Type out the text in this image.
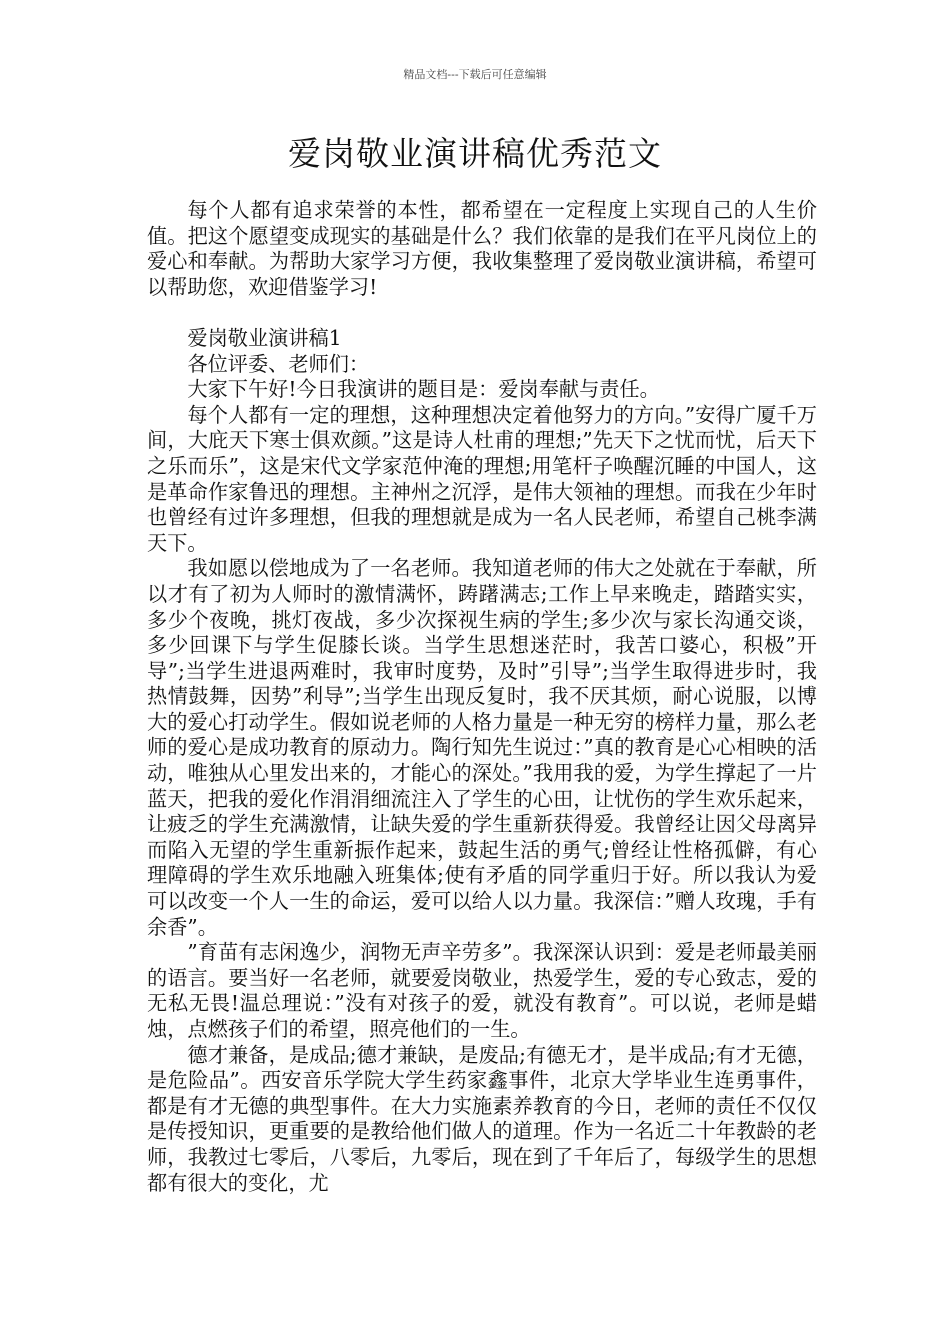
精品文档---下载后可任意编辑
爱岗敬业演讲稿优秀范文

每个人都有追求荣誉的本性，都希望在一定程度上实现自己的人生价值。把这个愿望变成现实的基础是什么？我们依靠的是我们在平凡岗位上的爱心和奉献。为帮助大家学习方便，我收集整理了爱岗敬业演讲稿，希望可以帮助您，欢迎借鉴学习!

爱岗敬业演讲稿1

各位评委、老师们：

大家下午好!今日我演讲的题目是：爱岗奉献与责任。

每个人都有一定的理想，这种理想决定着他努力的方向。”安得广厦千万间，大庇天下寒士俱欢颜。”这是诗人杜甫的理想;”先天下之忧而忧，后天下之乐而乐”，这是宋代文学家范仲淹的理想;用笔杆子唤醒沉睡的中国人，这是革命作家鲁迅的理想。主神州之沉浮，是伟大领袖的理想。而我在少年时也曾经有过许多理想，但我的理想就是成为一名人民老师，希望自己桃李满天下。

我如愿以偿地成为了一名老师。我知道老师的伟大之处就在于奉献，所以才有了初为人师时的激情满怀，踌躇满志;工作上早来晚走，踏踏实实，多少个夜晚，挑灯夜战，多少次探视生病的学生;多少次与家长沟通交谈，多少回课下与学生促膝长谈。当学生思想迷茫时，我苦口婆心，积极”开导”;当学生进退两难时，我审时度势，及时”引导”;当学生取得进步时，我热情鼓舞，因势”利导”;当学生出现反复时，我不厌其烦，耐心说服，以博大的爱心打动学生。假如说老师的人格力量是一种无穷的榜样力量，那么老师的爱心是成功教育的原动力。陶行知先生说过：”真的教育是心心相映的活动，唯独从心里发出来的，才能心的深处。”我用我的爱，为学生撑起了一片蓝天，把我的爱化作涓涓细流注入了学生的心田，让忧伤的学生欢乐起来，让疲乏的学生充满激情，让缺失爱的学生重新获得爱。我曾经让因父母离异而陷入无望的学生重新振作起来，鼓起生活的勇气;曾经让性格孤僻，有心理障碍的学生欢乐地融入班集体;使有矛盾的同学重归于好。所以我认为爱可以改变一个人一生的命运，爱可以给人以力量。我深信：”赠人玫瑰，手有余香”。

”育苗有志闲逸少，润物无声辛劳多”。我深深认识到：爱是老师最美丽的语言。要当好一名老师，就要爱岗敬业，热爱学生，爱的专心致志，爱的无私无畏!温总理说：”没有对孩子的爱，就没有教育”。可以说，老师是蜡烛，点燃孩子们的希望，照亮他们的一生。

德才兼备，是成品;德才兼缺，是废品;有德无才，是半成品;有才无德，是危险品”。西安音乐学院大学生药家鑫事件，北京大学毕业生连勇事件，都是有才无德的典型事件。在大力实施素养教育的今日，老师的责任不仅仅是传授知识，更重要的是教给他们做人的道理。作为一名近二十年教龄的老师，我教过七零后，八零后，九零后，现在到了千年后了，每级学生的思想都有很大的变化，尤
